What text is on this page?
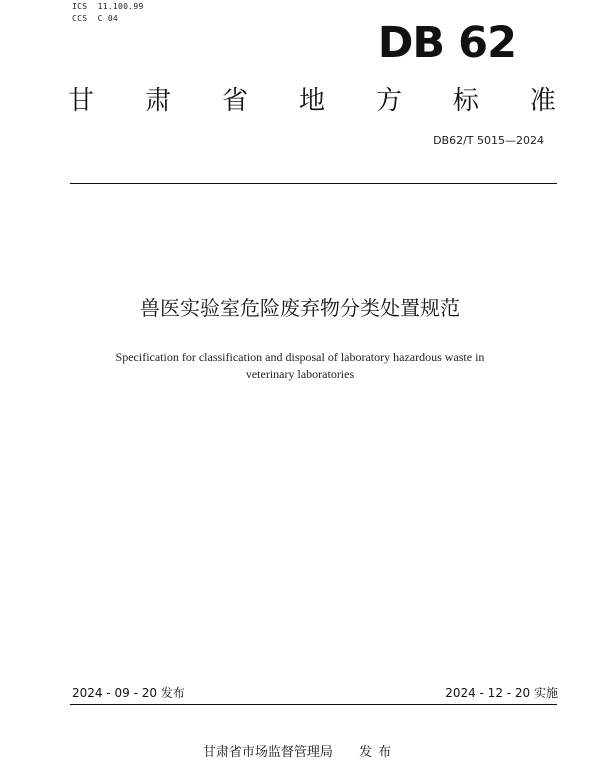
ICS  11.100.99
CCS  C 04	DB 62
甘 肃 省 地 方 标 准
DB62/T 5015—2024
兽医实验室危险废弃物分类处置规范
Specification for classification and disposal of laboratory hazardous waste in
veterinary laboratories
2024 - 09 - 20 发布	2024 - 12 - 20 实施
甘肃省市场监督管理局 发布
